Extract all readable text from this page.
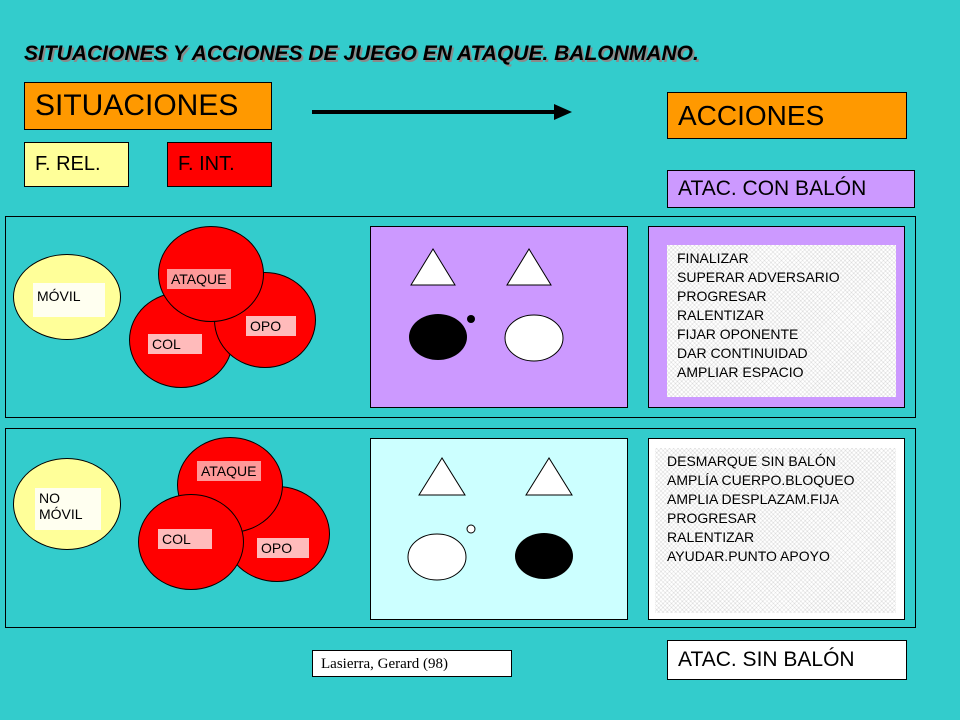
SITUACIONES Y ACCIONES DE JUEGO EN ATAQUE. BALONMANO.
SITUACIONES	ACCIONES
F. REL.	F. INT.
ATAC. CON BALÓN
MÓVIL
ATAQUE
COL
OPO
FINALIZAR
SUPERAR ADVERSARIO
PROGRESAR
RALENTIZAR
FIJAR OPONENTE
DAR CONTINUIDAD
AMPLIAR ESPACIO
NO
MÓVIL
ATAQUE
COL
OPO
DESMARQUE SIN BALÓN
AMPLÍA CUERPO.BLOQUEO
AMPLIA DESPLAZAM.FIJA
PROGRESAR
RALENTIZAR
AYUDAR.PUNTO APOYO
Lasierra, Gerard (98)	ATAC. SIN BALÓN
